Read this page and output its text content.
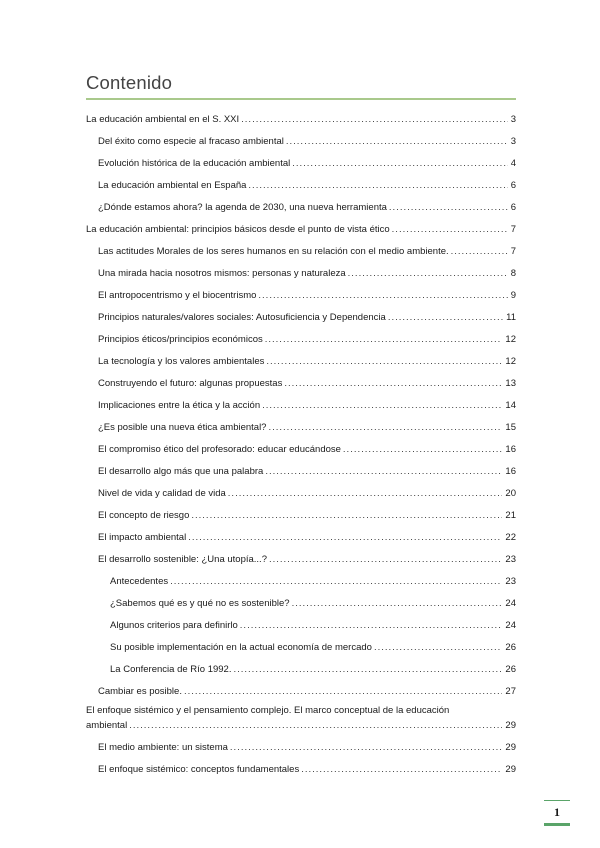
Contenido
La educación ambiental en el S. XXI .....	3
Del éxito como especie al fracaso ambiental .....	3
Evolución histórica de la educación ambiental .....	4
La educación ambiental en España .....	6
¿Dónde estamos ahora? la agenda de 2030, una nueva herramienta .....	6
La educación ambiental: principios básicos desde el punto de vista ético .....	7
Las actitudes Morales de los seres humanos en su relación con el medio ambiente. .....	7
Una mirada hacia nosotros mismos: personas y naturaleza .....	8
El antropocentrismo y el biocentrismo .....	9
Principios naturales/valores sociales: Autosuficiencia y Dependencia .....	11
Principios éticos/principios económicos .....	12
La tecnología y los valores ambientales .....	12
Construyendo el futuro: algunas propuestas .....	13
Implicaciones entre la ética y la acción .....	14
¿Es posible una nueva ética ambiental? .....	15
El compromiso ético del profesorado: educar educándose .....	16
El desarrollo algo más que una palabra .....	16
Nivel de vida y calidad de vida .....	20
El concepto de riesgo .....	21
El impacto ambiental .....	22
El desarrollo sostenible: ¿Una utopía...? .....	23
Antecedentes .....	23
¿Sabemos qué es y qué no es sostenible? .....	24
Algunos criterios para definirlo .....	24
Su posible implementación en la actual economía de mercado .....	26
La Conferencia de Río 1992. .....	26
Cambiar es posible. .....	27
El enfoque sistémico y el pensamiento complejo. El marco conceptual de la educación
ambiental .....	29
El medio ambiente: un sistema .....	29
El enfoque sistémico: conceptos fundamentales .....	29
1
